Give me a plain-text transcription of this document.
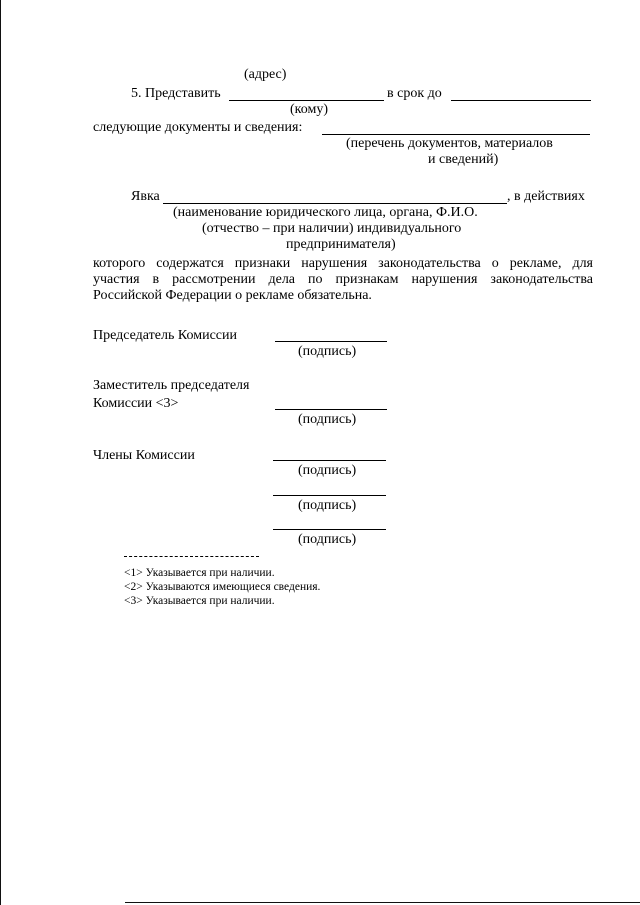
(адрес)
5. Представить	в срок до
(кому)
следующие документы и сведения:
(перечень документов, материалов
и сведений)
Явка	, в действиях
(наименование юридического лица, органа, Ф.И.О.
(отчество – при наличии) индивидуального
предпринимателя)
которого содержатся признаки нарушения законодательства о рекламе, для
участия в рассмотрении дела по признакам нарушения законодательства
Российской Федерации о рекламе обязательна.
Председатель Комиссии
(подпись)
Заместитель председателя
Комиссии <3>
(подпись)
Члены Комиссии
(подпись)
(подпись)
(подпись)
<1> Указывается при наличии.
<2> Указываются имеющиеся сведения.
<3> Указывается при наличии.
